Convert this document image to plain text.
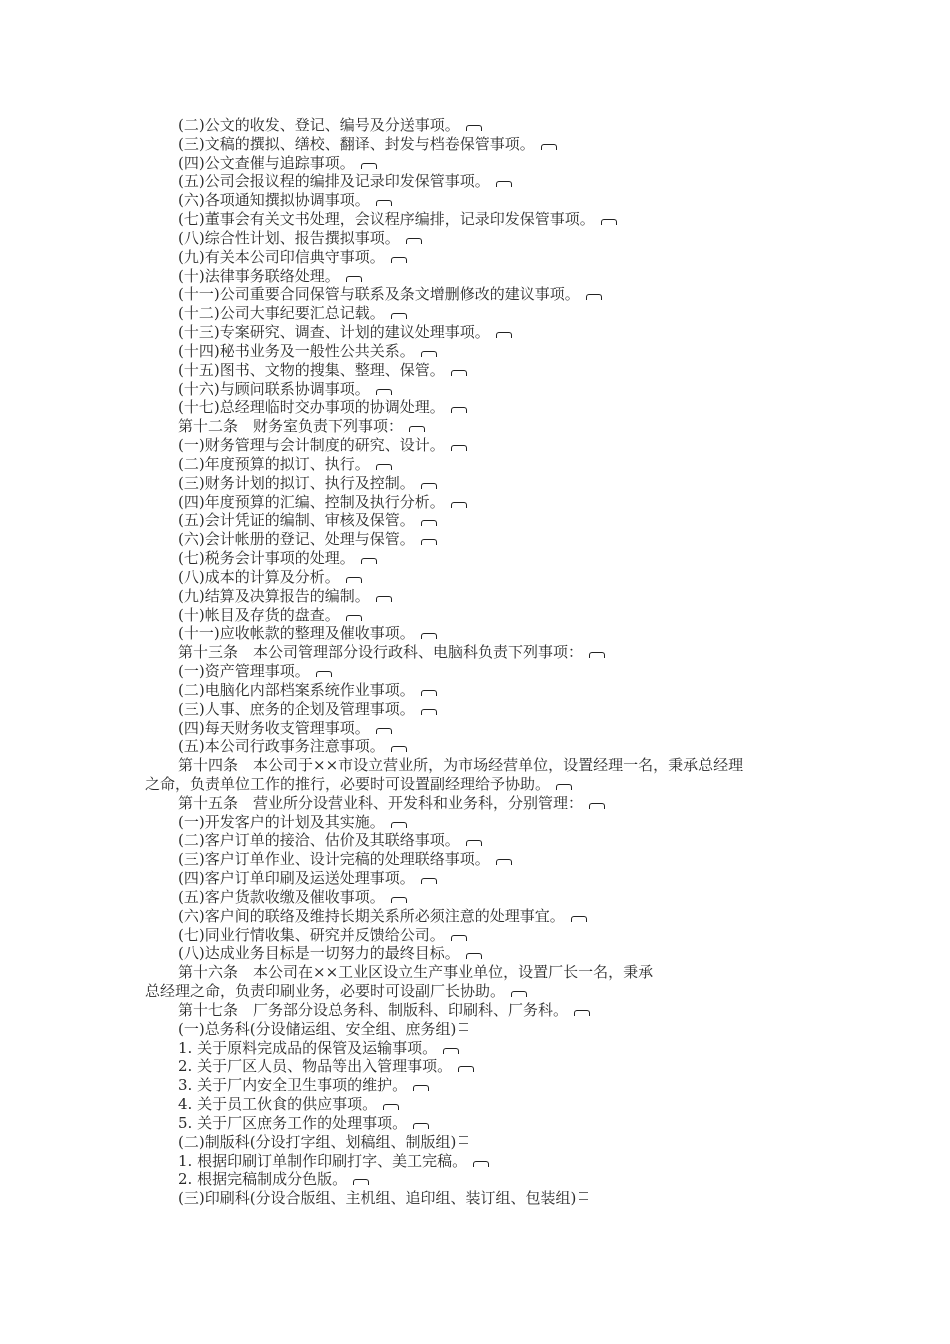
(二)公文的收发、登记、编号及分送事项。
(三)文稿的撰拟、缮校、翻译、封发与档卷保管事项。
(四)公文查催与追踪事项。
(五)公司会报议程的编排及记录印发保管事项。
(六)各项通知撰拟协调事项。
(七)董事会有关文书处理，会议程序编排，记录印发保管事项。
(八)综合性计划、报告撰拟事项。
(九)有关本公司印信典守事项。
(十)法律事务联络处理。
(十一)公司重要合同保管与联系及条文增删修改的建议事项。
(十二)公司大事纪要汇总记载。
(十三)专案研究、调查、计划的建议处理事项。
(十四)秘书业务及一般性公共关系。
(十五)图书、文物的搜集、整理、保管。
(十六)与顾问联系协调事项。
(十七)总经理临时交办事项的协调处理。
第十二条　财务室负责下列事项：
(一)财务管理与会计制度的研究、设计。
(二)年度预算的拟订、执行。
(三)财务计划的拟订、执行及控制。
(四)年度预算的汇编、控制及执行分析。
(五)会计凭证的编制、审核及保管。
(六)会计帐册的登记、处理与保管。
(七)税务会计事项的处理。
(八)成本的计算及分析。
(九)结算及决算报告的编制。
(十)帐目及存货的盘查。
(十一)应收帐款的整理及催收事项。
第十三条　本公司管理部分设行政科、电脑科负责下列事项：
(一)资产管理事项。
(二)电脑化内部档案系统作业事项。
(三)人事、庶务的企划及管理事项。
(四)每天财务收支管理事项。
(五)本公司行政事务注意事项。
第十四条　本公司于××市设立营业所，为市场经营单位，设置经理一名，秉承总经理
之命，负责单位工作的推行，必要时可设置副经理给予协助。
第十五条　营业所分设营业科、开发科和业务科，分别管理：
(一)开发客户的计划及其实施。
(二)客户订单的接洽、估价及其联络事项。
(三)客户订单作业、设计完稿的处理联络事项。
(四)客户订单印刷及运送处理事项。
(五)客户货款收缴及催收事项。
(六)客户间的联络及维持长期关系所必须注意的处理事宜。
(七)同业行情收集、研究并反馈给公司。
(八)达成业务目标是一切努力的最终目标。
第十六条　本公司在××工业区设立生产事业单位，设置厂长一名，秉承
总经理之命，负责印刷业务，必要时可设副厂长协助。
第十七条　厂务部分设总务科、制版科、印刷科、厂务科。
(一)总务科(分设储运组、安全组、庶务组)
1. 关于原料完成品的保管及运输事项。
2. 关于厂区人员、物品等出入管理事项。
3. 关于厂内安全卫生事项的维护。
4. 关于员工伙食的供应事项。
5. 关于厂区庶务工作的处理事项。
(二)制版科(分设打字组、划稿组、制版组)
1. 根据印刷订单制作印刷打字、美工完稿。
2. 根据完稿制成分色版。
(三)印刷科(分设合版组、主机组、追印组、装订组、包装组)
